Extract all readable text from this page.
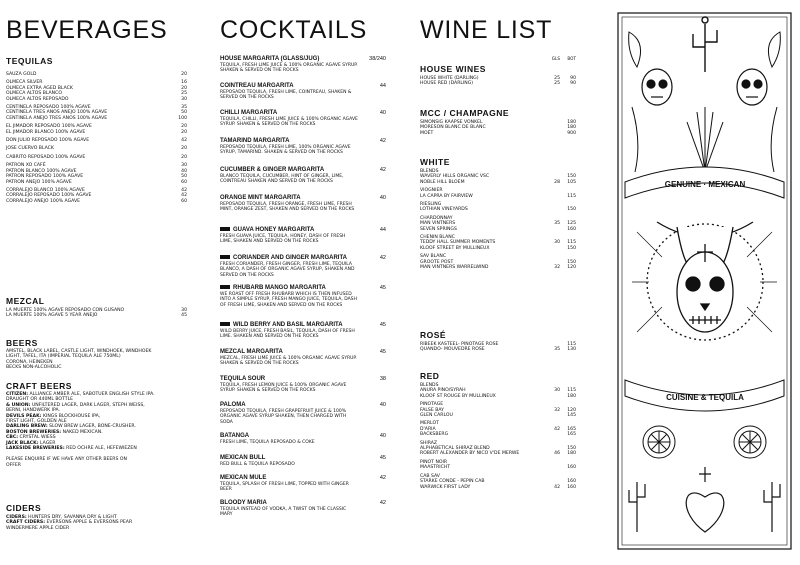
BEVERAGES
TEQUILAS
SAUZA GOLD	20
OLMECA SILVER	16
OLMECA EXTRA AGED BLACK	20
OLMECA ALTOS BLANCO	25
OLMECA ALTOS REPOSADO	30
CENTINELA REPOSADO 100% AGAVE	35
CENTINELA TRES ANOS ANEJO 100% AGAVE	50
CENTINELA ANEJO TRES ANOS 100% AGAVE	100
EL JIMADOR REPOSADO 100% AGAVE	20
EL JIMADOR BLANCO 100% AGAVE	20
DON JULIO REPOSADO 100% AGAVE	42
JOSE CUERVO BLACK	20
CABRITO REPOSADO 100% AGAVE	20
PATRON XO CAFÉ	30
PATRON BLANCO 100% AGAVE	40
PATRON REPOSADO 100% AGAVE	50
PATRON ANEJO 100% AGAVE	60
CORRALEJO BLANCO 100% AGAVE	42
CORRALEJO REPOSADO 100% AGAVE	42
CORRALEJO ANEJO 100% AGAVE	60
MEZCAL
LA MUERTE 100% AGAVE REPOSADO CON GUSANO	30
LA MUERTE 100% AGAVE 5 YEAR ANEJO	45
BEERS
AMSTEL, BLACK LABEL, CASTLE LIGHT, WINDHOEK, WINDHOEK
LIGHT, TAFEL, ITA (IMPERIAL TEQUILA ALE 750ML)
CORONA, HEINEKEN
BECKS NON-ALCOHOLIC
CRAFT BEERS
CITIZEN: ALLIANCE AMBER ALE, SABOTUER ENGLISH STYLE IPA.
DRAUGHT OR 440ML BOTTLE
& UNION: UNFILTERED LAGER, DARK LAGER, STEPH WEISS,
BERNI, HANDWERK IPA.
DEVILS PEAK: KINGS BLOCKHOUSE IPA,
FIRST LIGHT, GOLDEN ALE
DARLING BREW: SLOW BREW LAGER, BONE-CRUSHER.
BOSTON BREWERIES: NAKED MEXICAN.
CBC: CRYSTAL WIESS
JACK BLACK: LAGER
LAKESIDE BREWERIES: RED OCHRE ALE, HEFEWIEZEN
PLEASE ENQUIRE IF WE HAVE ANY OTHER BEERS ON
OFFER
CIDERS
CIDERS: HUNTERS DRY, SAVANNA DRY & LIGHT
CRAFT CIDERS: EVERSONS APPLE & EVERSONS PEAR
WINDERMERE APPLE CIDER
COCKTAILS
HOUSE MARGARITA (GLASS/JUG)	38/240
TEQUILA, FRESH LIME JUICE & 100% ORGANIC AGAVE SYRUP. SHAKEN & SERVED ON THE ROCKS
COINTREAU MARGARITA	44
REPOSADO TEQUILA, FRESH LIME, COINTREAU, SHAKEN & SERVED ON THE ROCKS
CHILLI MARGARITA	40
TEQUILA, CHILLI, FRESH LIME JUICE & 100% ORGANIC AGAVE SYRUP. SHAKEN & SERVED ON THE ROCKS
TAMARIND MARGARITA	42
REPOSADO TEQUILA, FRESH LIME, 100% ORGANIC AGAVE SYRUP, TAMARIND. SHAKEN & SERVED ON THE ROCKS
CUCUMBER & GINGER MARGARITA	42
BLANCO TEQUILA, CUCUMBER, HINT OF GINGER, LIME, COINTREAU SHAKEN AND SERVED ON THE ROCKS
ORANGE MINT MARGARITA	40
REPOSADO TEQUILA, FRESH ORANGE, FRESH LIME, FRESH MINT, ORANGE ZEST, SHAKEN AND SERVED ON THE ROCKS
GUAVA HONEY MARGARITA	44
FRESH GUAVA JUICE, TEQUILA, HONEY, DASH OF FRESH LIME, SHAKEN AND SERVED ON THE ROCKS
CORIANDER AND GINGER MARGARITA	42
FRESH CORIANDER, FRESH GINGER, FRESH LIME, TEQUILA BLANCO, A DASH OF ORGANIC AGAVE SYRUP, SHAKEN AND SERVED ON THE ROCKS
RHUBARB MANGO MARGARITA	45
WE ROAST OFF FRESH RHUBARB WHICH IS THEN INFUSED INTO A SIMPLE SYRUP, FRESH MANGO JUICE, TEQUILA, DASH OF FRESH LIME, SHAKEN AND SERVED ON THE ROCKS
WILD BERRY AND BASIL MARGARITA	45
WILD BERRY JUICE, FRESH BASIL, TEQUILA, DASH OF FRESH LIME. SHAKEN AND SERVED ON THE ROCKS
MEZCAL MARGARITA	45
MEZCAL, FRESH LIME JUICE & 100% ORGANIC AGAVE SYRUP. SHAKEN & SERVED ON THE ROCKS
TEQUILA SOUR	38
TEQUILA, FRESH LEMON JUICE & 100% ORGANIC AGAVE SYRUP. SHAKEN & SERVED ON THE ROCKS
PALOMA	40
REPOSADO TEQUILA, FRESH GRAPEFRUIT JUICE & 100% ORGANIC AGAVE SYRUP SHAKEN, THEN CHARGED WITH SODA
BATANGA	40
FRESH LIME, TEQUILA REPOSADO & COKE
MEXICAN BULL	45
RED BULL & TEQUILA REPOSADO
MEXICAN MULE	42
TEQUILA, SPLASH OF FRESH LIME, TOPPED WITH GINGER BEER
BLOODY MARIA	42
TEQUILA INSTEAD OF VODKA, A TWIST ON THE CLASSIC MARY
WINE LIST
GLS BOT
HOUSE WINES
HOUSE WHITE (DARLING)	25 90
HOUSE RED (DARLING)	25 90
MCC / CHAMPAGNE
SIMONSIG KAAPSE VONKEL	180
MORESON BLANC DE BLANC	180
MOÉT	900
WHITE
BLENDS
WAVERLY HILLS ORGANIC VSC	150
NOBLE HILL BLOEM	28 105
VIOGNIER
LA CAPRA BY FAIRVIEW	115
RIESLING
LOTHIAN VINEYARDS	150
CHARDONNAY
MAN VINTNERS	35 125
SEVEN SPRINGS	160
CHENIN BLANC
TEDDY HALL SUMMER MOMENTS	30 115
KLOOF STREET BY MULLINEUX	150
SAV BLANC
GROOTE POST	150
MAN VINTNERS WARRELWIND	32 120
ROSÉ
RIBEEK KASTEEL- PINOTAGE ROSE	115
QUANDO- MOUVEDRE ROSE	35 130
RED
BLENDS
ANURA PINO/SYRAH	30 115
KLOOF ST ROUGE BY MULLINEUX	180
PINOTAGE
FALSE BAY	32 120
GLEN CARLOU	145
MERLOT
D'ARIA	42 165
BACKSBERG	165
SHIRAZ
ALPHABETICAL SHIRAZ BLEND	150
ROBERT ALEXANDER BY NICO V'DE MERWE	46 180
PINOT NOIR
MAASTRICHT	160
CAB SAV
STARKE CONDE - PEPIN CAB	160
WARWICK FIRST LADY	42 160
GENUINE · MEXICAN
CUISINE & TEQUILA
